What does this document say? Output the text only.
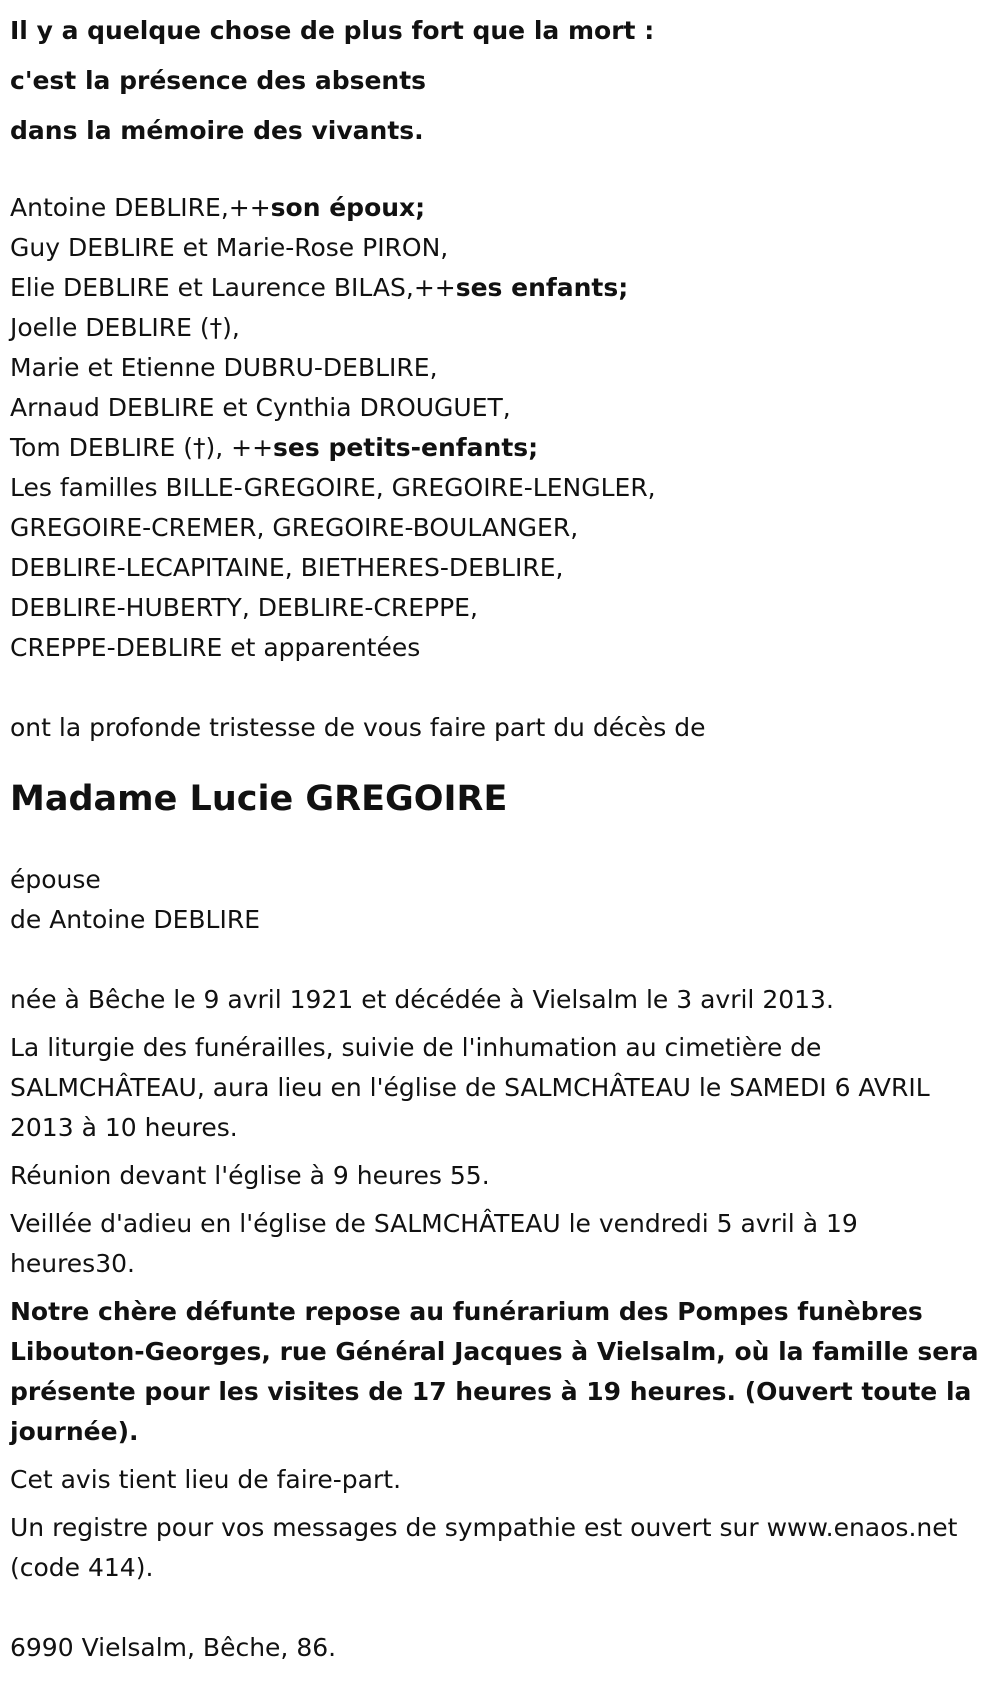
Il y a quelque chose de plus fort que la mort :
c'est la présence des absents
dans la mémoire des vivants.
Antoine DEBLIRE,++son époux;
Guy DEBLIRE et Marie-Rose PIRON,
Elie DEBLIRE et Laurence BILAS,++ses enfants;
Joelle DEBLIRE (†),
Marie et Etienne DUBRU-DEBLIRE,
Arnaud DEBLIRE et Cynthia DROUGUET,
Tom DEBLIRE (†), ++ses petits-enfants;
Les familles BILLE-GREGOIRE, GREGOIRE-LENGLER,
GREGOIRE-CREMER, GREGOIRE-BOULANGER,
DEBLIRE-LECAPITAINE, BIETHERES-DEBLIRE,
DEBLIRE-HUBERTY, DEBLIRE-CREPPE,
CREPPE-DEBLIRE et apparentées
ont la profonde tristesse de vous faire part du décès de
Madame Lucie GREGOIRE
épouse
de Antoine DEBLIRE

née à Bêche le 9 avril 1921 et décédée à Vielsalm le 3 avril 2013.

La liturgie des funérailles, suivie de l'inhumation au cimetière de SALMCHÂTEAU, aura lieu en l'église de SALMCHÂTEAU le SAMEDI 6 AVRIL 2013 à 10 heures.

Réunion devant l'église à 9 heures 55.

Veillée d'adieu en l'église de SALMCHÂTEAU le vendredi 5 avril à 19 heures30.

Notre chère défunte repose au funérarium des Pompes funèbres Libouton-Georges, rue Général Jacques à Vielsalm, où la famille sera présente pour les visites de 17 heures à 19 heures. (Ouvert toute la journée).

Cet avis tient lieu de faire-part.

Un registre pour vos messages de sympathie est ouvert sur www.enaos.net (code 414).

6990 Vielsalm, Bêche, 86.
